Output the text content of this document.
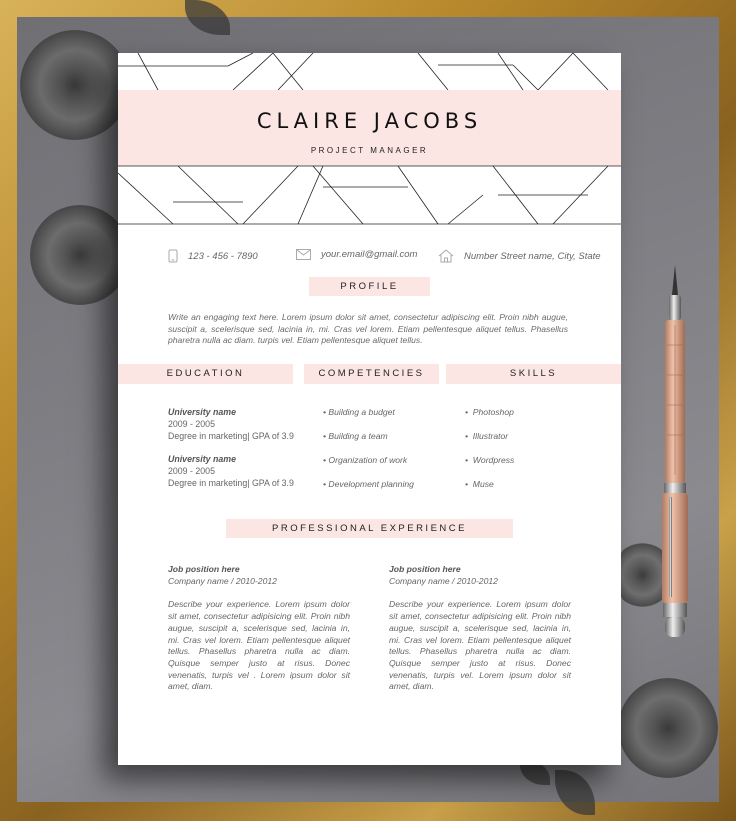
CLAIRE JACOBS
PROJECT MANAGER
123 - 456 - 7890	your.email@gmail.com	Number Street name, City, State
PROFILE
Write an engaging text here. Lorem ipsum dolor sit amet, consectetur adipiscing elit. Proin nibh augue, suscipit a, scelerisque sed, lacinia in, mi. Cras vel lorem. Etiam pellentesque aliquet tellus. Phasellus pharetra nulla ac diam. turpis vel. Etiam pellentesque aliquet tellus.
EDUCATION	COMPETENCIES	SKILLS
University name
2009 - 2005
Degree in marketing| GPA of 3.9
University name
2009 - 2005
Degree in marketing| GPA of 3.9
• Building a budget
• Building a team
• Organization of work
• Development planning
•  Photoshop
•  Illustrator
•  Wordpress
•  Muse
PROFESSIONAL EXPERIENCE
Job position here
Company name / 2010-2012
Describe your experience. Lorem ipsum dolor sit amet, consectetur adipisicing elit. Proin nibh augue, suscipit a, scelerisque sed, lacinia in, mi. Cras vel lorem. Etiam pellentesque aliquet tellus. Phasellus pharetra nulla ac diam. Quisque semper justo at risus. Donec venenatis, turpis vel . Lorem ipsum dolor sit amet, diam.
Job position here
Company name / 2010-2012
Describe your experience. Lorem ipsum dolor sit amet, consectetur adipisicing elit. Proin nibh augue, suscipit a, scelerisque sed, lacinia in, mi. Cras vel lorem. Etiam pellentesque aliquet tellus. Phasellus pharetra nulla ac diam. Quisque semper justo at risus. Donec venenatis, turpis vel. Lorem ipsum dolor sit amet, diam.
